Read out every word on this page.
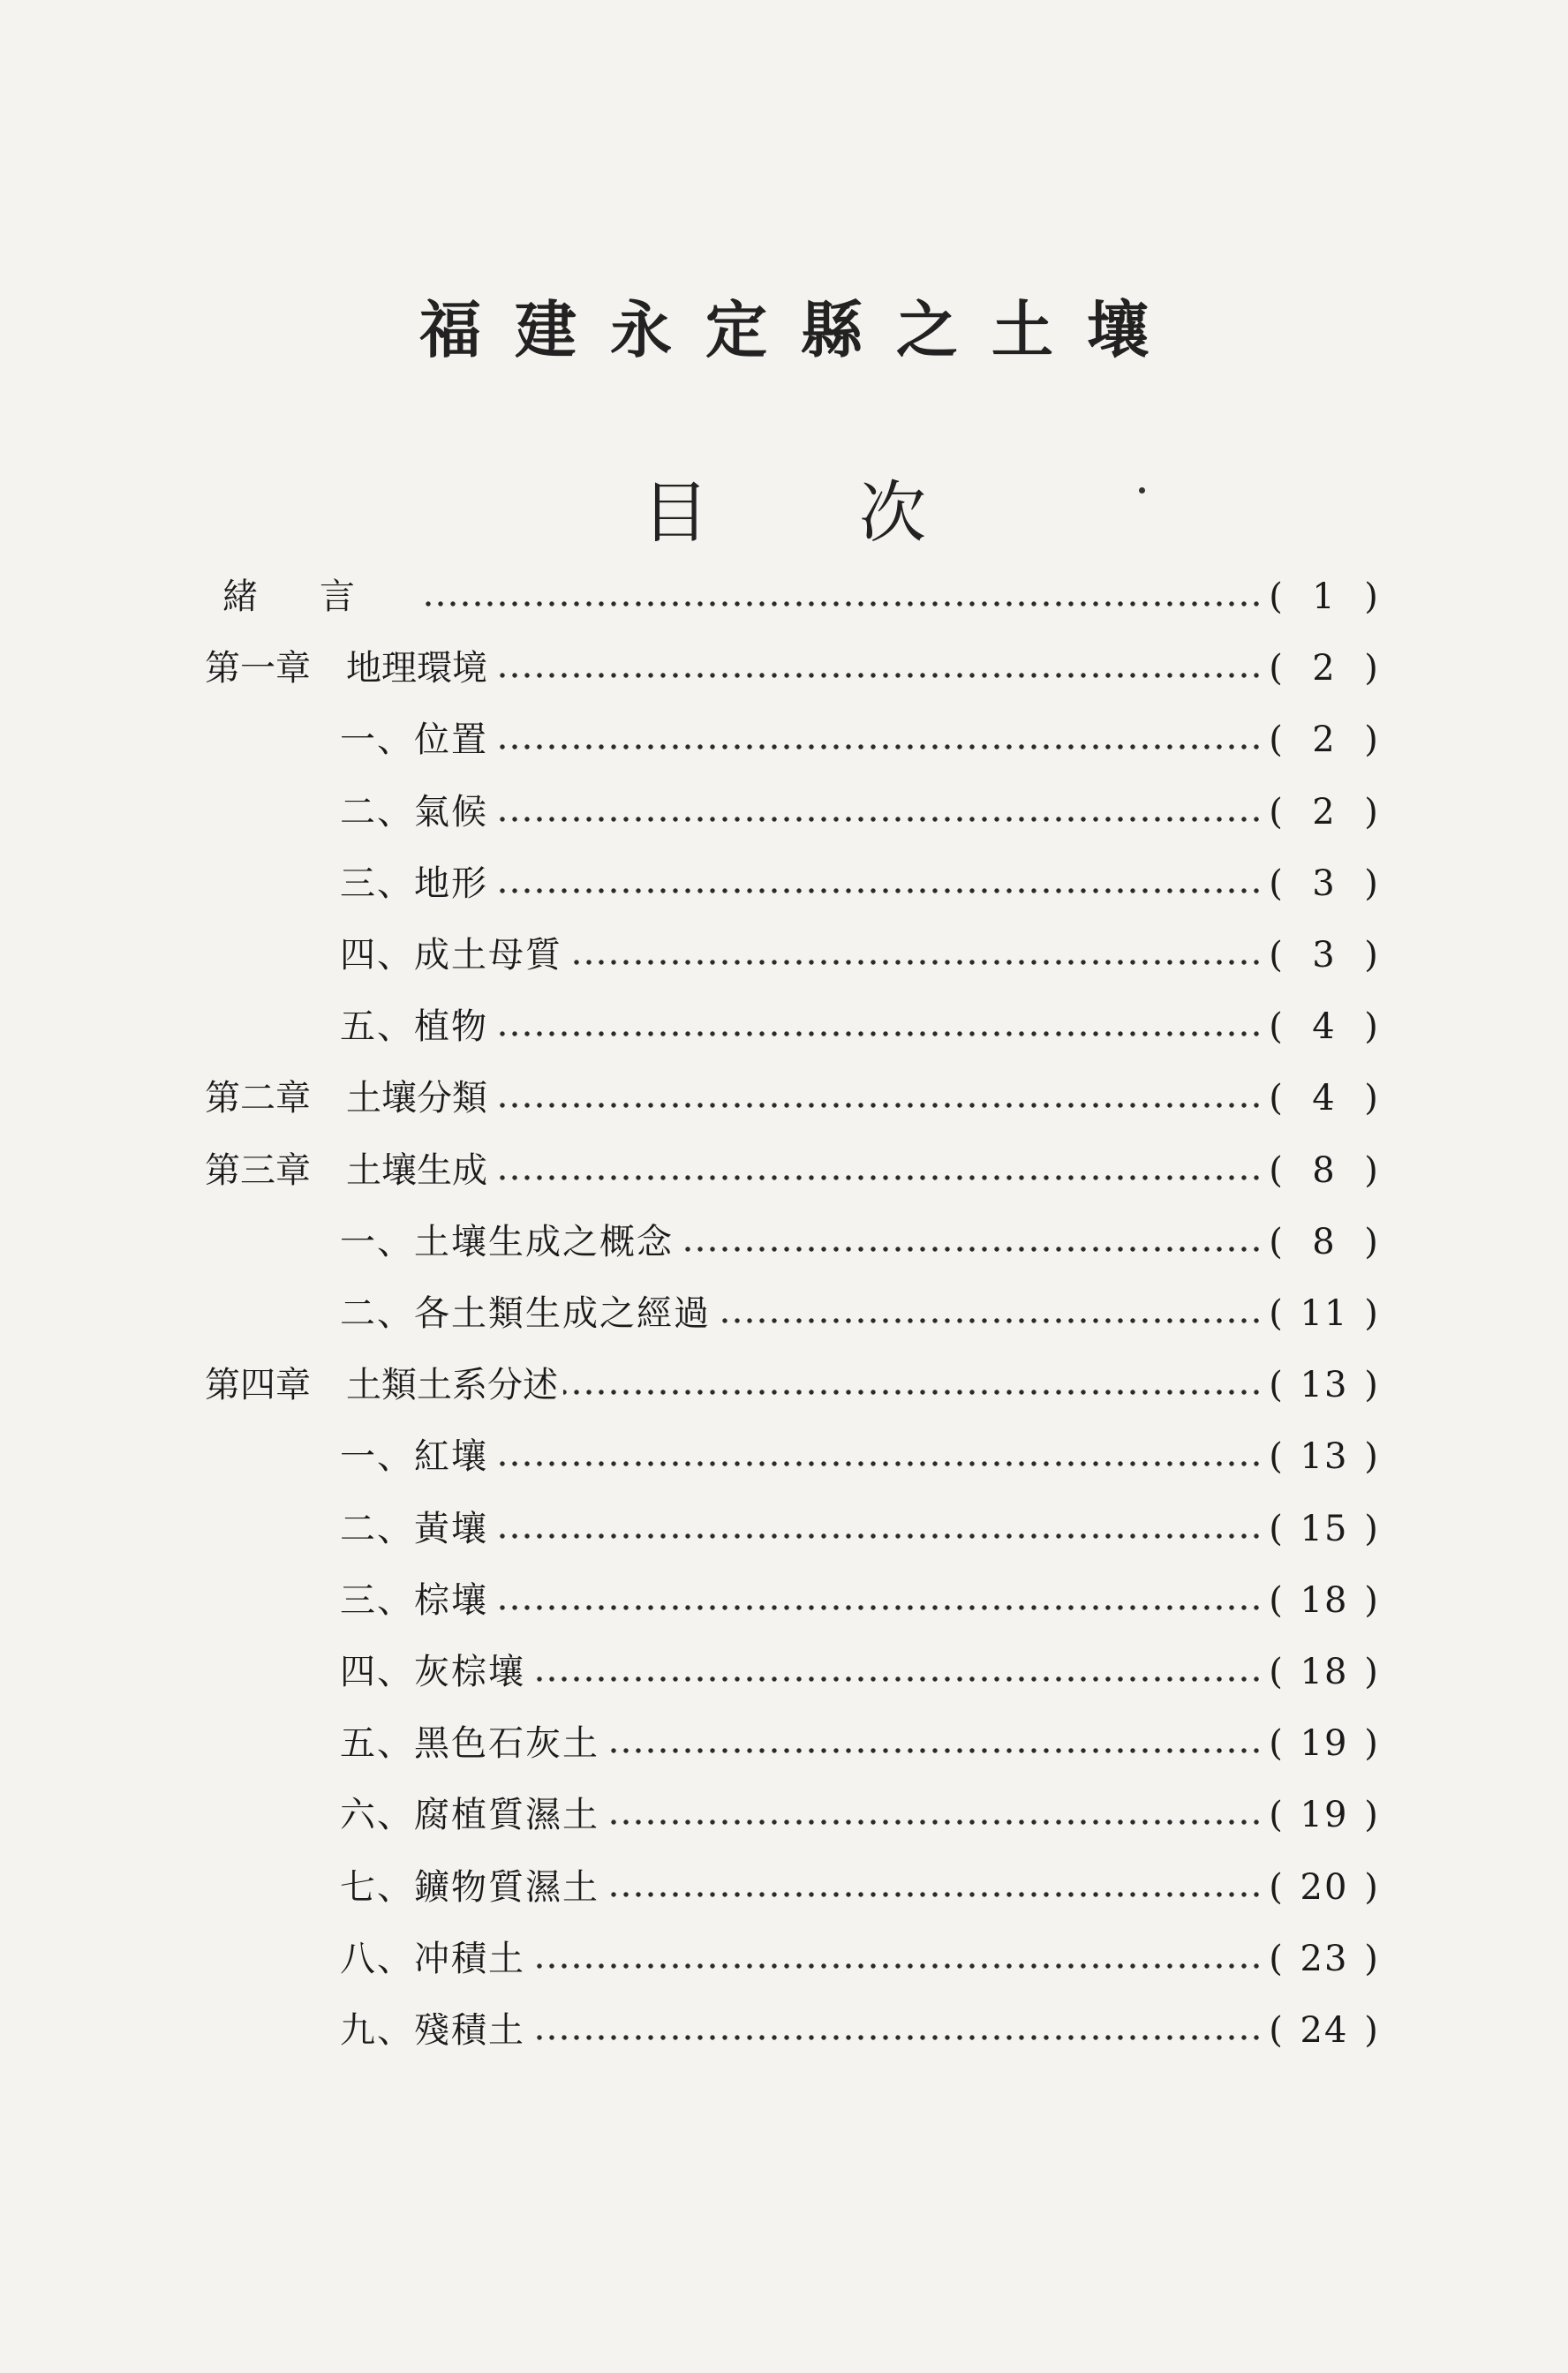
福建永定縣之土壤
目次
緒言	( 1 )
第一章　地理環境	( 2 )
一、位置	( 2 )
二、氣候	( 2 )
三、地形	( 3 )
四、成土母質	( 3 )
五、植物	( 4 )
第二章　土壤分類	( 4 )
第三章　土壤生成	( 8 )
一、土壤生成之概念	( 8 )
二、各土類生成之經過	( 11 )
第四章　土類土系分述	( 13 )
一、紅壤	( 13 )
二、黃壤	( 15 )
三、棕壤	( 18 )
四、灰棕壤	( 18 )
五、黑色石灰土	( 19 )
六、腐植質濕土	( 19 )
七、鑛物質濕土	( 20 )
八、冲積土	( 23 )
九、殘積土	( 24 )
